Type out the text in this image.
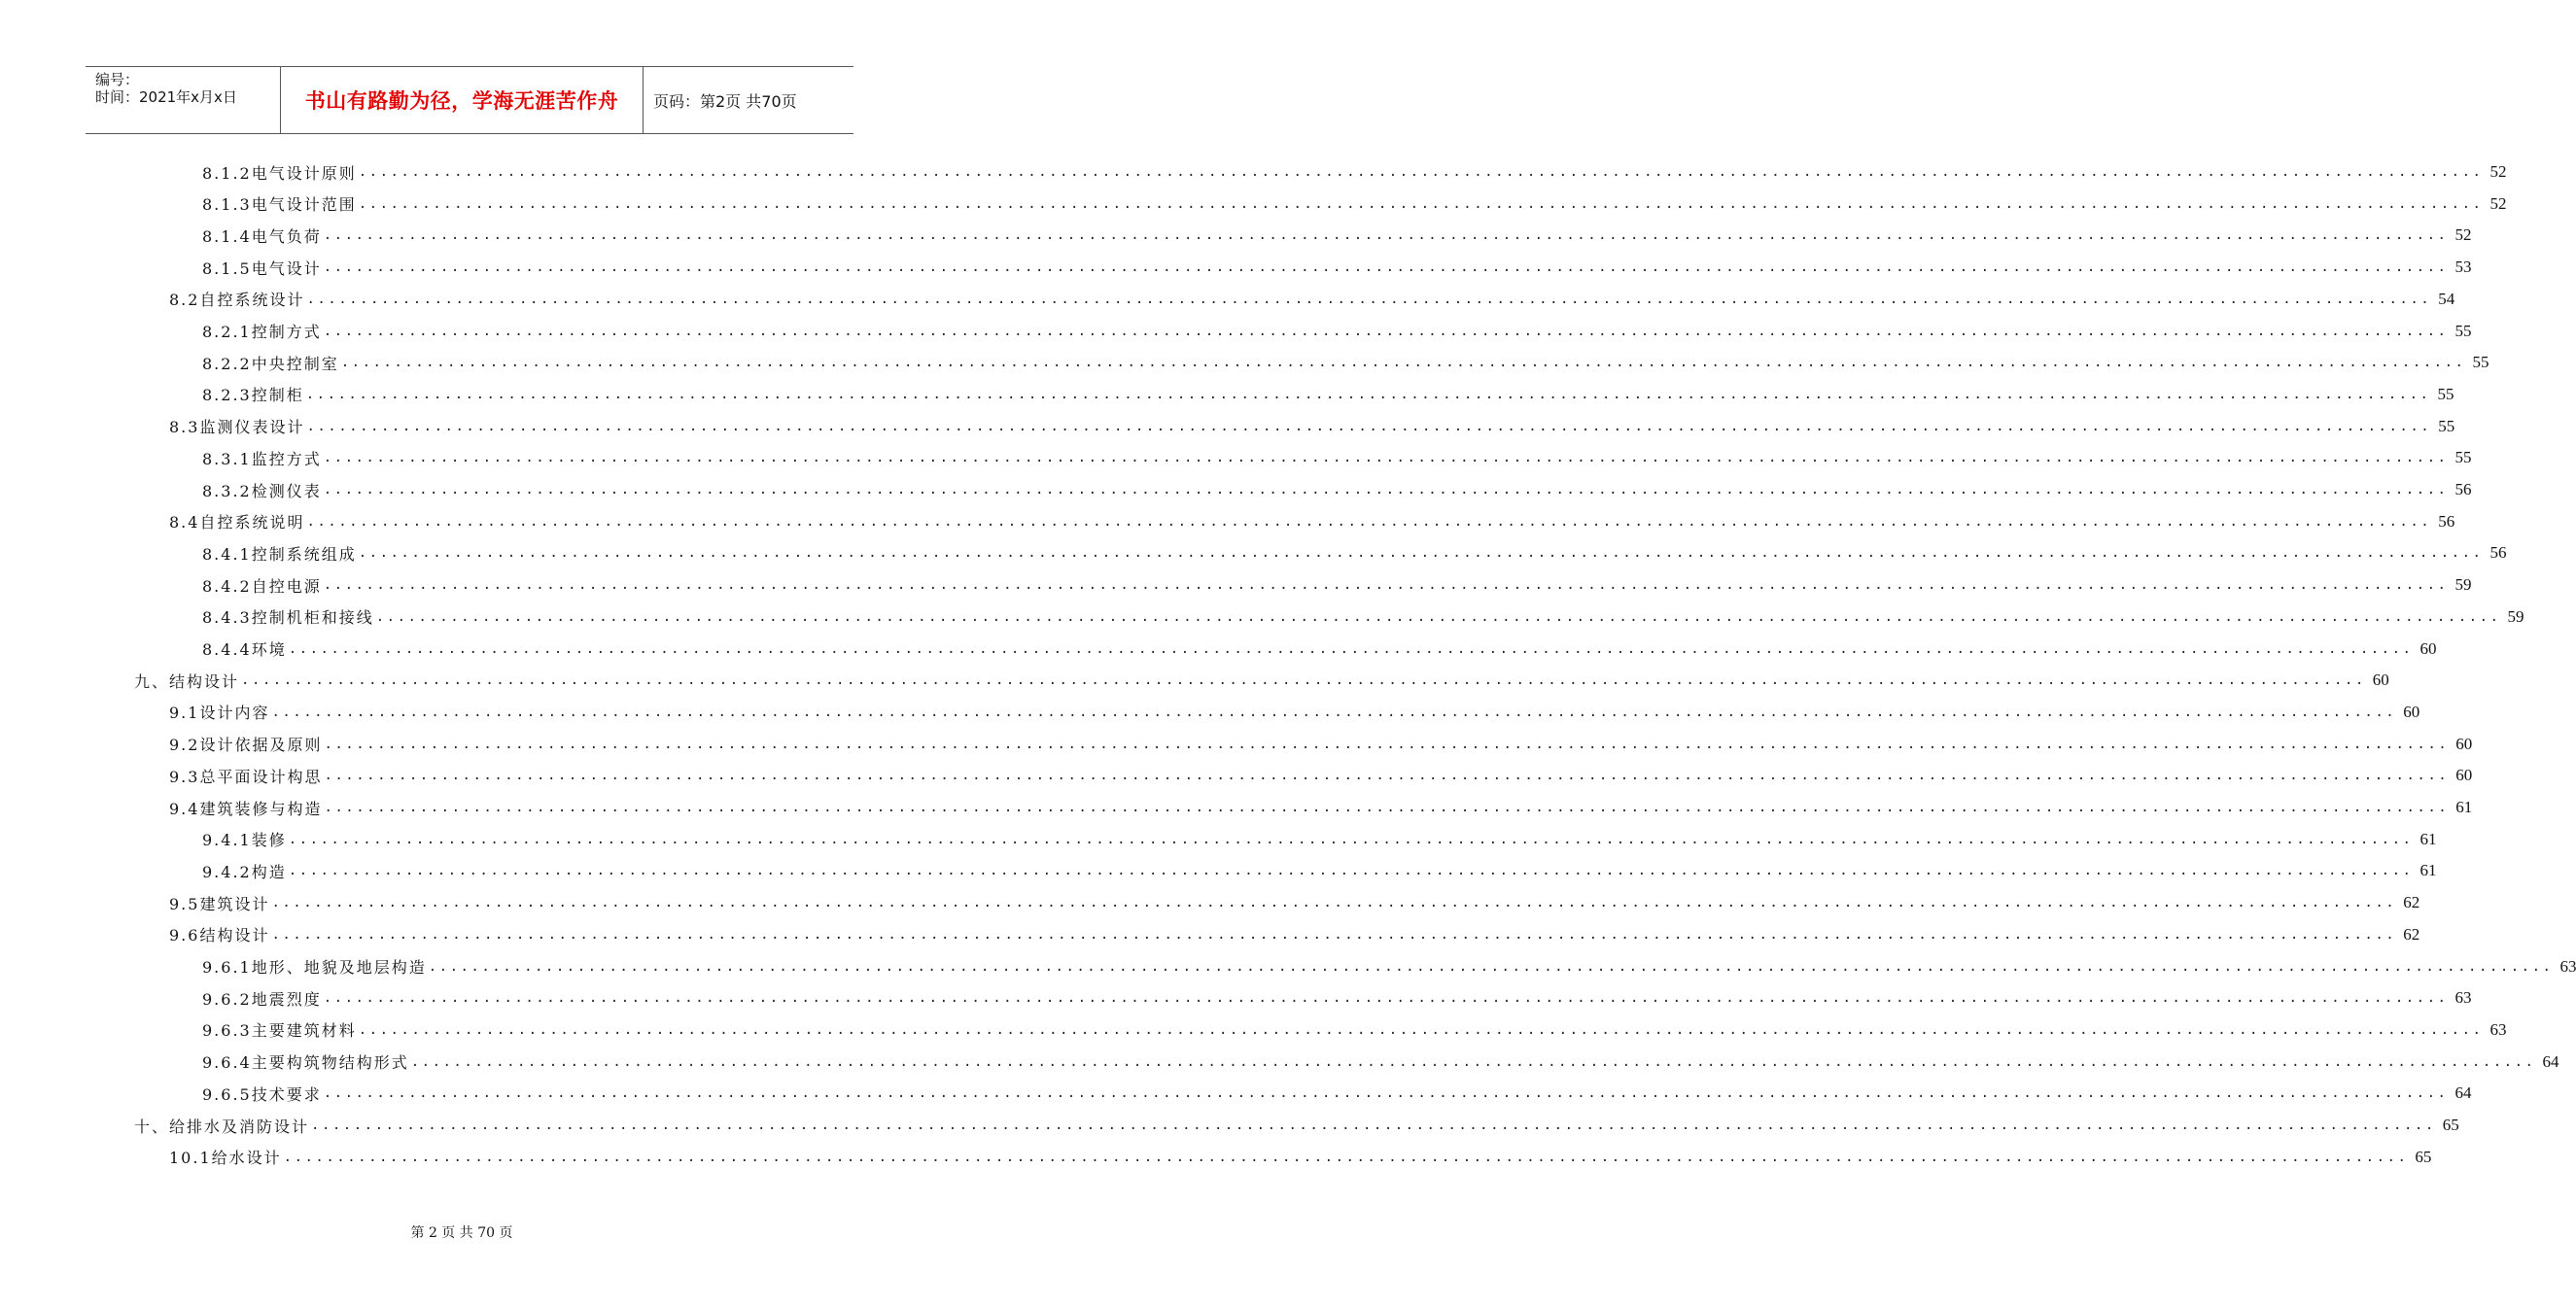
编号：
时间：2021年x月x日	书山有路勤为径，学海无涯苦作舟	页码：第2页 共70页
8.1.2电气设计原则 ........................................................................................................................................................................................................ 52
8.1.3电气设计范围 ........................................................................................................................................................................................................ 52
8.1.4电气负荷 ........................................................................................................................................................................................................ 52
8.1.5电气设计 ........................................................................................................................................................................................................ 53
8.2自控系统设计 ........................................................................................................................................................................................................ 54
8.2.1控制方式 ........................................................................................................................................................................................................ 55
8.2.2中央控制室 ........................................................................................................................................................................................................ 55
8.2.3控制柜 ........................................................................................................................................................................................................ 55
8.3监测仪表设计 ........................................................................................................................................................................................................ 55
8.3.1监控方式 ........................................................................................................................................................................................................ 55
8.3.2检测仪表 ........................................................................................................................................................................................................ 56
8.4自控系统说明 ........................................................................................................................................................................................................ 56
8.4.1控制系统组成 ........................................................................................................................................................................................................ 56
8.4.2自控电源 ........................................................................................................................................................................................................ 59
8.4.3控制机柜和接线 ........................................................................................................................................................................................................ 59
8.4.4环境 ........................................................................................................................................................................................................ 60
九、结构设计 ........................................................................................................................................................................................................ 60
9.1设计内容 ........................................................................................................................................................................................................ 60
9.2设计依据及原则 ........................................................................................................................................................................................................ 60
9.3总平面设计构思 ........................................................................................................................................................................................................ 60
9.4建筑装修与构造 ........................................................................................................................................................................................................ 61
9.4.1装修 ........................................................................................................................................................................................................ 61
9.4.2构造 ........................................................................................................................................................................................................ 61
9.5建筑设计 ........................................................................................................................................................................................................ 62
9.6结构设计 ........................................................................................................................................................................................................ 62
9.6.1地形、地貌及地层构造 ........................................................................................................................................................................................................ 63
9.6.2地震烈度 ........................................................................................................................................................................................................ 63
9.6.3主要建筑材料 ........................................................................................................................................................................................................ 63
9.6.4主要构筑物结构形式 ........................................................................................................................................................................................................ 64
9.6.5技术要求 ........................................................................................................................................................................................................ 64
十、给排水及消防设计 ........................................................................................................................................................................................................ 65
10.1给水设计 ........................................................................................................................................................................................................ 65
第 2 页 共 70 页
